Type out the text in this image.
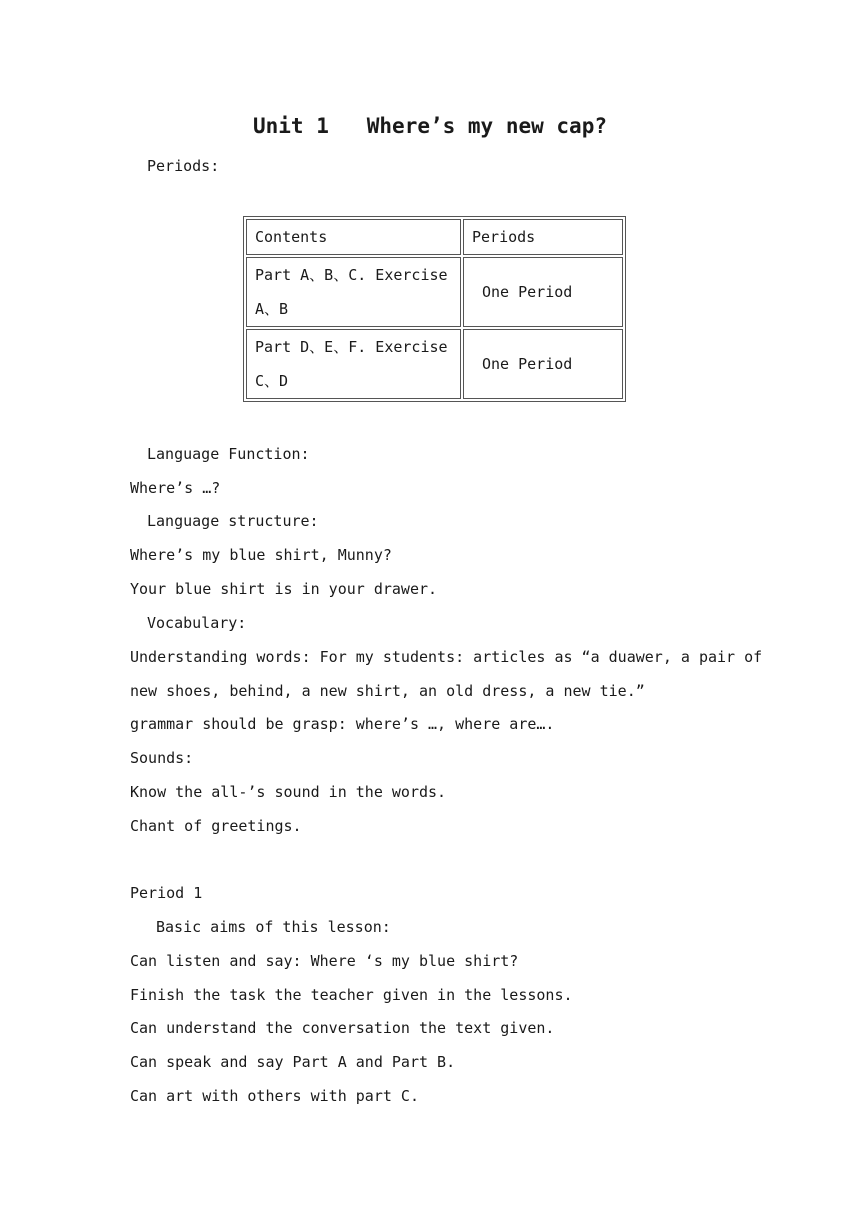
Unit 1   Where’s my new cap?
Periods:
Contents	Periods

Part A、B、C. Exercise A、B	One Period

Part D、E、F. Exercise C、D	One Period
Language Function:
Where’s …?
Language structure:
Where’s my blue shirt, Munny?
Your blue shirt is in your drawer.
Vocabulary:
Understanding words: For my students: articles as “a duawer, a pair of
new shoes, behind, a new shirt, an old dress, a new tie.”
grammar should be grasp: where’s …, where are….
Sounds:
Know the all-’s sound in the words.
Chant of greetings.
Period 1
Basic aims of this lesson:
Can listen and say: Where ‘s my blue shirt?
Finish the task the teacher given in the lessons.
Can understand the conversation the text given.
Can speak and say Part A and Part B.
Can art with others with part C.
